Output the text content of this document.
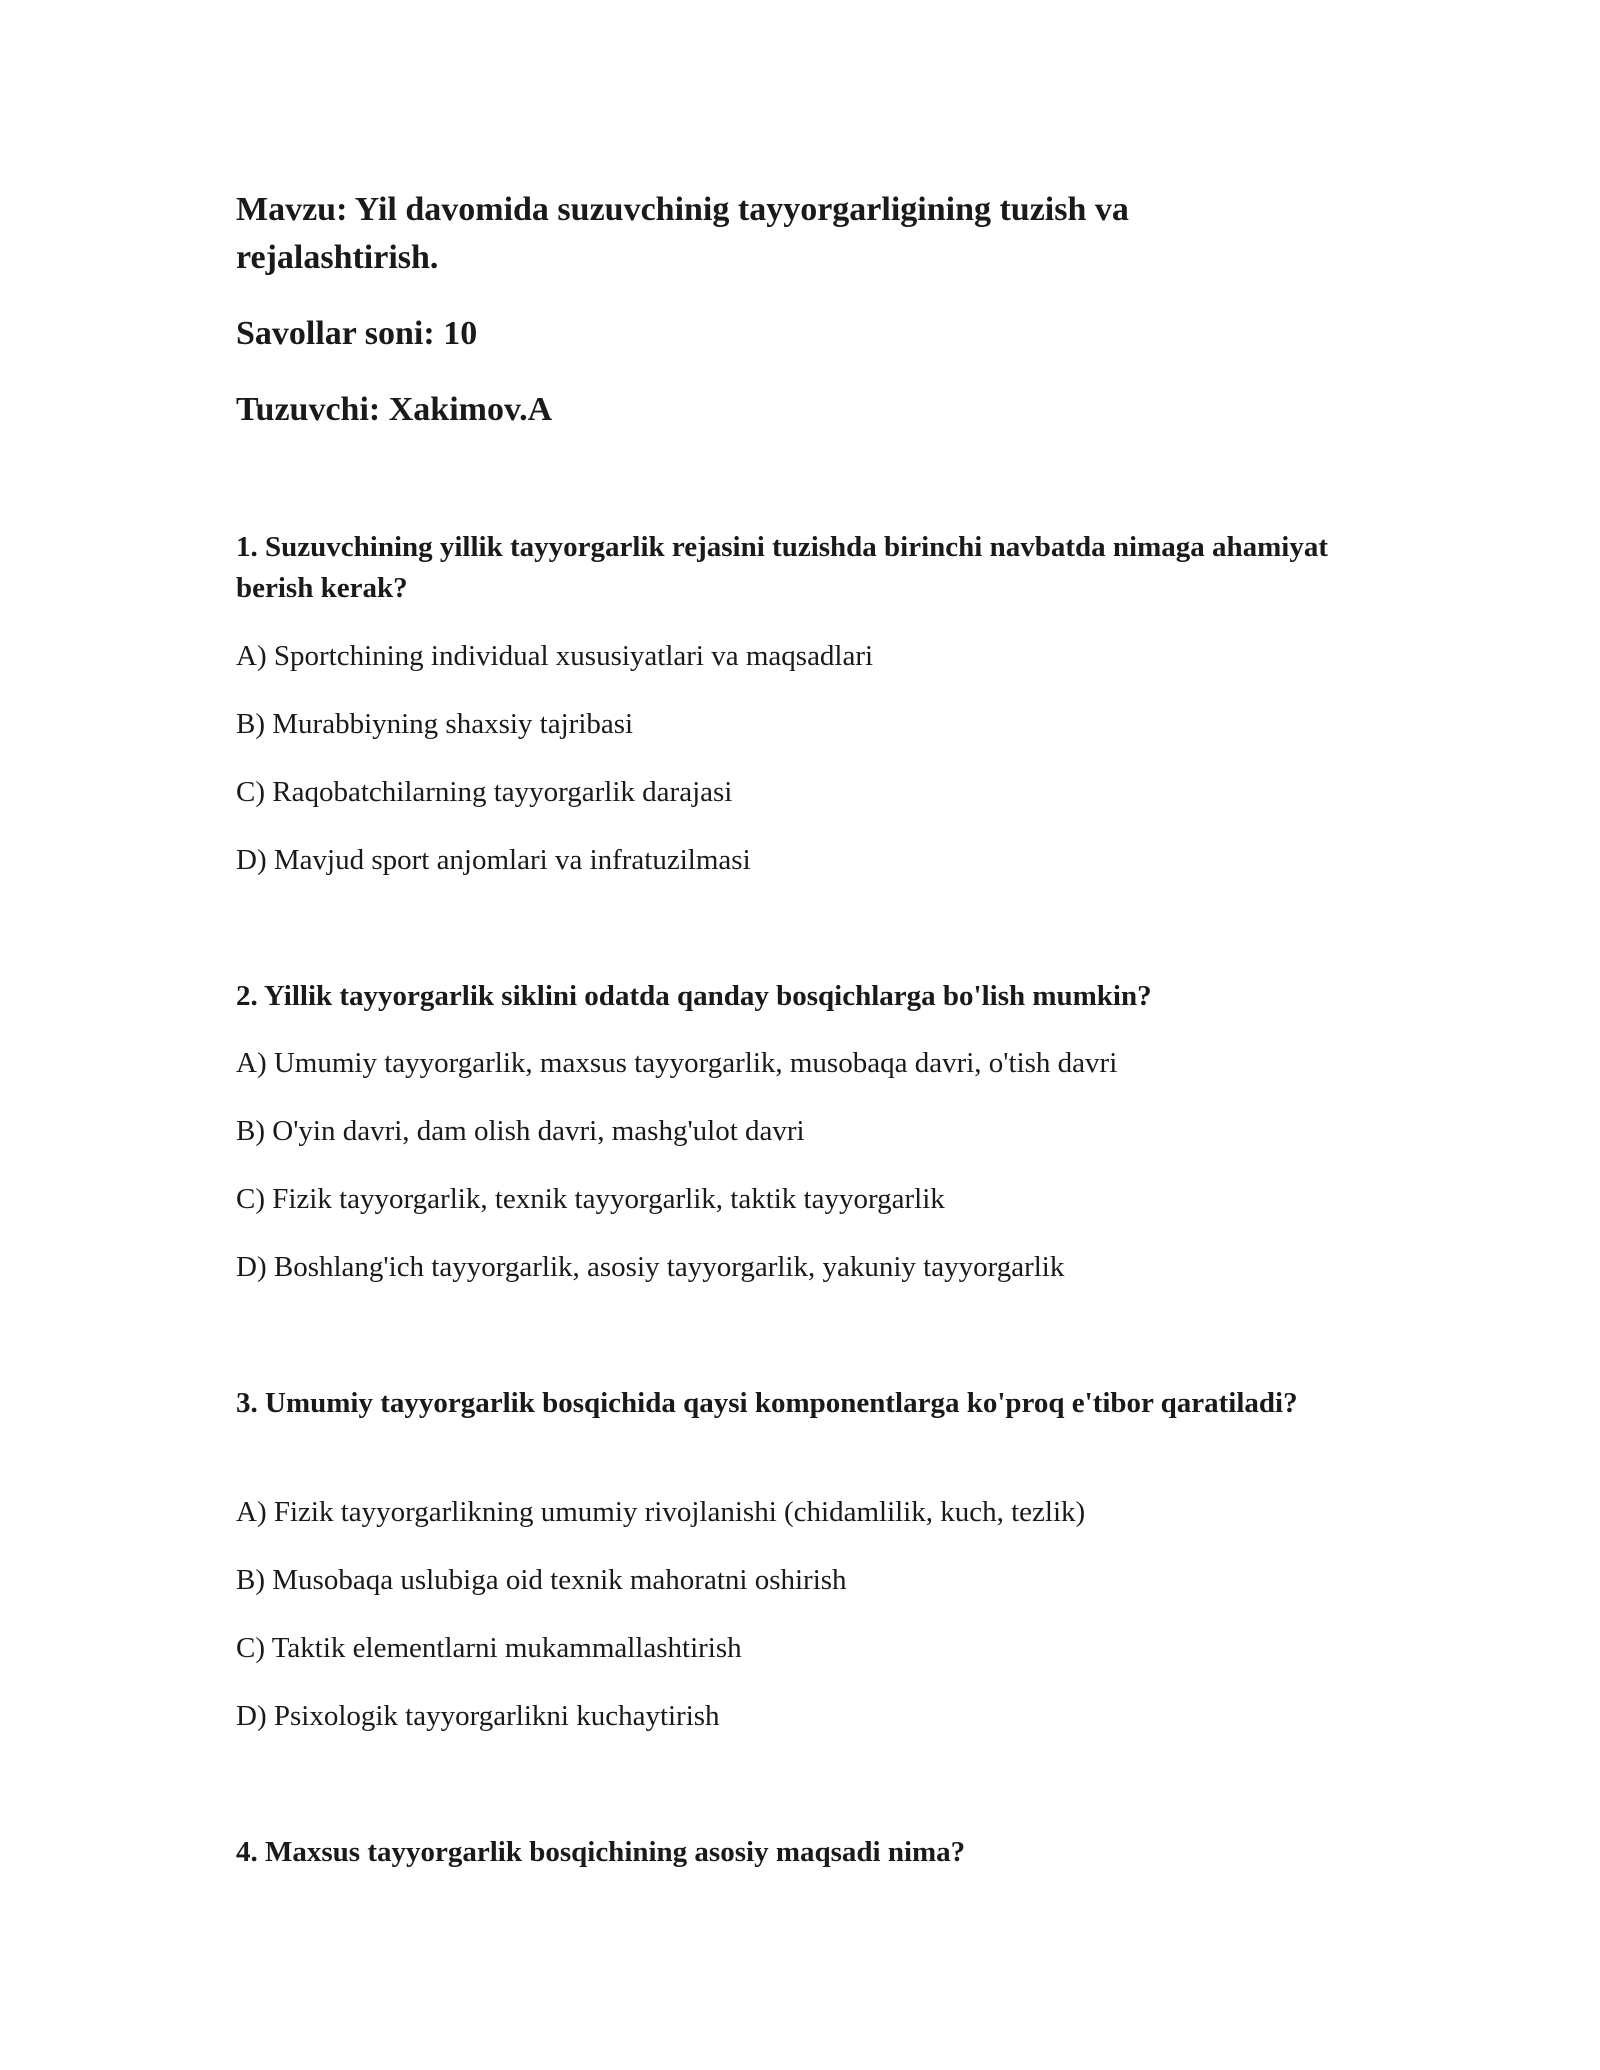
Mavzu: Yil davomida suzuvchinig tayyorgarligining tuzish va rejalashtirish.

Savollar soni: 10

Tuzuvchi: Xakimov.A

1. Suzuvchining yillik tayyorgarlik rejasini tuzishda birinchi navbatda nimaga ahamiyat berish kerak?

A) Sportchining individual xususiyatlari va maqsadlari

B) Murabbiyning shaxsiy tajribasi

C) Raqobatchilarning tayyorgarlik darajasi

D) Mavjud sport anjomlari va infratuzilmasi

2. Yillik tayyorgarlik siklini odatda qanday bosqichlarga bo'lish mumkin?

A) Umumiy tayyorgarlik, maxsus tayyorgarlik, musobaqa davri, o'tish davri

B) O'yin davri, dam olish davri, mashg'ulot davri

C) Fizik tayyorgarlik, texnik tayyorgarlik, taktik tayyorgarlik

D) Boshlang'ich tayyorgarlik, asosiy tayyorgarlik, yakuniy tayyorgarlik

3. Umumiy tayyorgarlik bosqichida qaysi komponentlarga ko'proq e'tibor qaratiladi?

A) Fizik tayyorgarlikning umumiy rivojlanishi (chidamlilik, kuch, tezlik)

B) Musobaqa uslubiga oid texnik mahoratni oshirish

C) Taktik elementlarni mukammallashtirish

D) Psixologik tayyorgarlikni kuchaytirish

4. Maxsus tayyorgarlik bosqichining asosiy maqsadi nima?
